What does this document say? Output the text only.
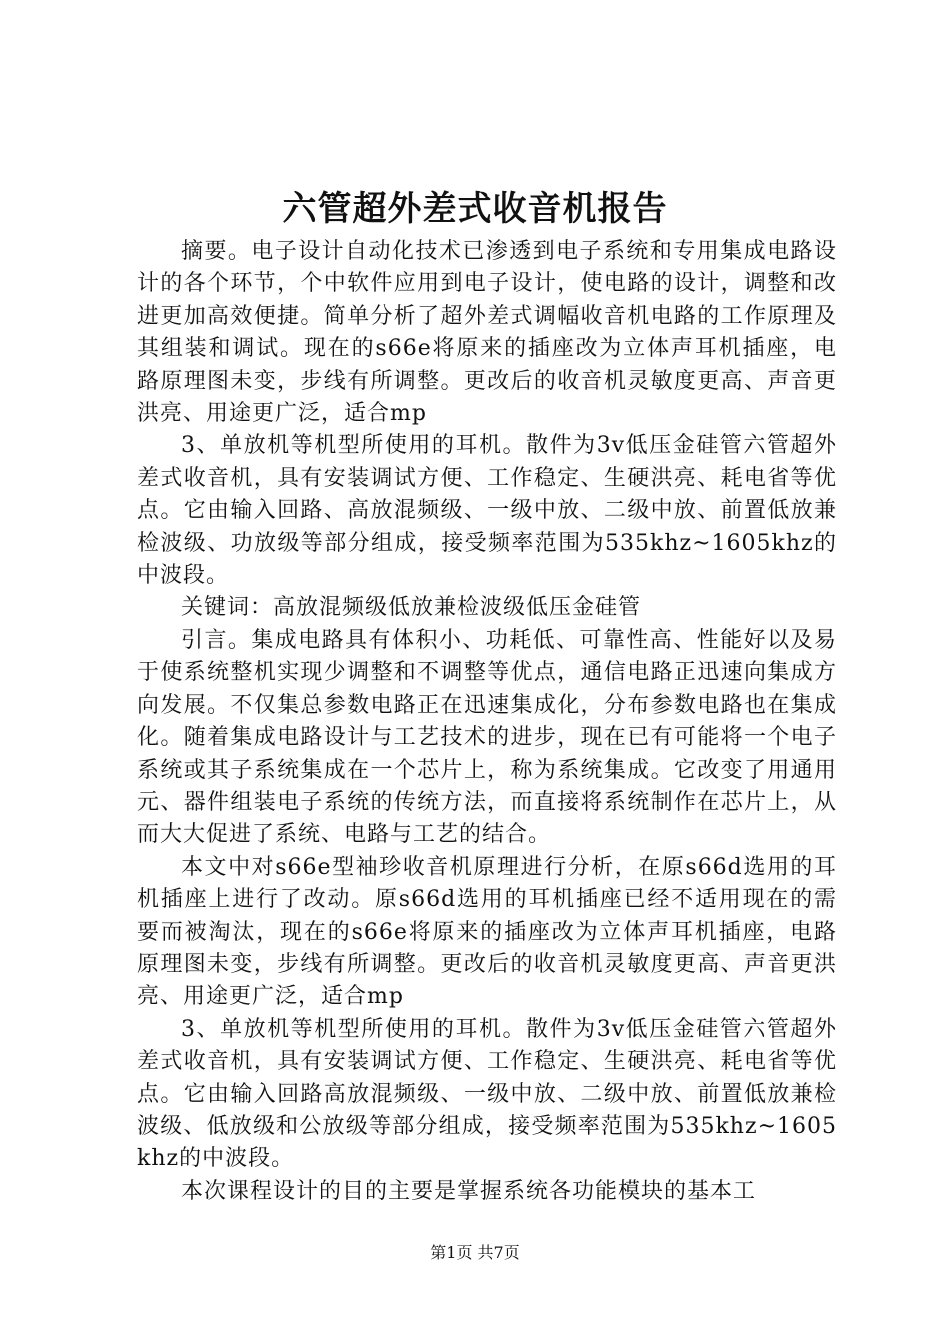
六管超外差式收音机报告

摘要。电子设计自动化技术已渗透到电子系统和专用集成电路设计的各个环节，个中软件应用到电子设计，使电路的设计，调整和改进更加高效便捷。简单分析了超外差式调幅收音机电路的工作原理及其组装和调试。现在的s66e将原来的插座改为立体声耳机插座，电路原理图未变，步线有所调整。更改后的收音机灵敏度更高、声音更洪亮、用途更广泛，适合mp

3、单放机等机型所使用的耳机。散件为3v低压金硅管六管超外差式收音机，具有安装调试方便、工作稳定、生硬洪亮、耗电省等优点。它由输入回路、高放混频级、一级中放、二级中放、前置低放兼检波级、功放级等部分组成，接受频率范围为535khz~1605khz的中波段。

关键词：高放混频级低放兼检波级低压金硅管

引言。集成电路具有体积小、功耗低、可靠性高、性能好以及易于使系统整机实现少调整和不调整等优点，通信电路正迅速向集成方向发展。不仅集总参数电路正在迅速集成化，分布参数电路也在集成化。随着集成电路设计与工艺技术的进步，现在已有可能将一个电子系统或其子系统集成在一个芯片上，称为系统集成。它改变了用通用元、器件组装电子系统的传统方法，而直接将系统制作在芯片上，从而大大促进了系统、电路与工艺的结合。

本文中对s66e型袖珍收音机原理进行分析，在原s66d选用的耳机插座上进行了改动。原s66d选用的耳机插座已经不适用现在的需要而被淘汰，现在的s66e将原来的插座改为立体声耳机插座，电路原理图未变，步线有所调整。更改后的收音机灵敏度更高、声音更洪亮、用途更广泛，适合mp

3、单放机等机型所使用的耳机。散件为3v低压金硅管六管超外差式收音机，具有安装调试方便、工作稳定、生硬洪亮、耗电省等优点。它由输入回路高放混频级、一级中放、二级中放、前置低放兼检波级、低放级和公放级等部分组成，接受频率范围为535khz~1605khz的中波段。

本次课程设计的目的主要是掌握系统各功能模块的基本工

第1页 共7页
